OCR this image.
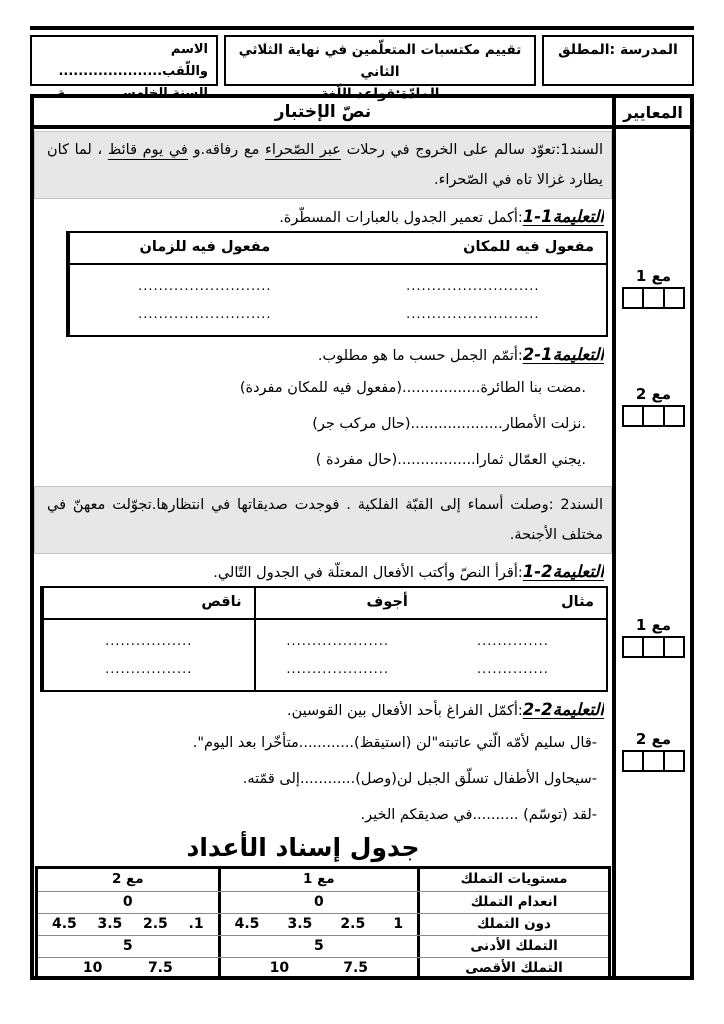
المدرسة :المطلق
تقييم مكتسبات المتعلّمين في نهاية الثلاثي الثاني
المادّة:قواعد اللّغة
الاسم واللّقب.....................
السنة الخامســـــــــــــة
المعايير
مع 1
مع 2
مع 1
مع 2
نصّ الإختبار
السند1:تعوّد سالم على الخروج في رحلات عبر الصّحراء مع رفاقه.و في يوم قائظ ، لما كان يطارد غزالا تاه في الصّحراء.
التعليمة1-1:أكمل تعمير الجدول بالعبارات المسطّرة.
مفعول فيه للمكان
مفعول فيه للزمان
..........................
..........................
..........................
..........................
التعليمة1-2:أتمّم الجمل حسب ما هو مطلوب.
.مضت بنا الطائرة.................(مفعول فيه للمكان مفردة)
.نزلت الأمطار....................(حال مركب جر)
.يجني العمّال ثمارا.................(حال مفردة )
السند2 :وصلت أسماء إلى القبّة الفلكية . فوجدت صديقاتها في انتظارها.تجوّلت معهنّ في مختلف الأجنحة.
التعليمة2-1:أقرأ النصّ وأكتب الأفعال المعتلّة في الجدول التّالي.
مثال
أجوف
ناقص
..............
..............
....................
....................
.................
.................
التعليمة2-2:أكمّل الفراغ بأحد الأفعال بين القوسين.
-قال سليم لأمّه الّتي عاتبته"لن (استيقظ)............متأخّرا بعد اليوم".
-سيحاول الأطفال تسلّق الجبل لن(وصل)............إلى قمّته.
-لقد (توسّم) ..........في صديقكم الخير.
جدول إسناد الأعداد
مستويات التملك
مع 1
مع 2
انعدام التملك
0
0
دون التملك
1
2.5
3.5
4.5
.1
2.5
3.5
4.5
التملك الأدنى
5
5
التملك الأقصى
7.5
10
7.5
10
